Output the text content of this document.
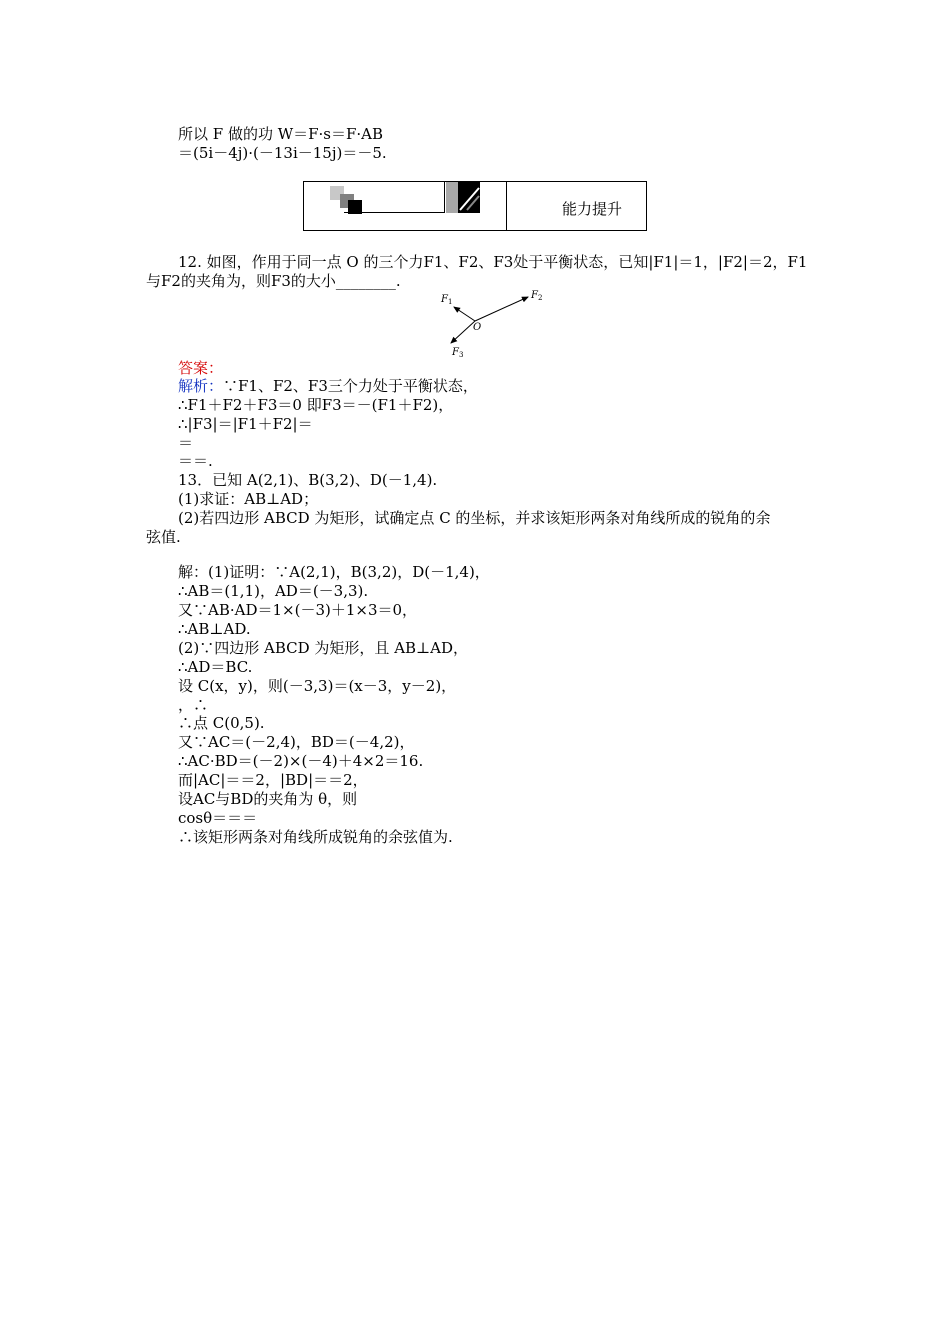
所以 F 做的功 W＝F·s＝F·AB
＝(5i－4j)·(－13i－15j)＝－5.
能力提升
12. 如图，作用于同一点 O 的三个力F1、F2、F3处于平衡状态，已知|F1|＝1，|F2|＝2，F1
与F2的夹角为，则F3的大小________.
F 1
F 2
F 3
O
答案：
解析：∵F1、F2、F3三个力处于平衡状态，
∴F1＋F2＋F3＝0 即F3＝－(F1＋F2)，
∴|F3|＝|F1＋F2|＝
＝
＝＝.
13．已知 A(2,1)、B(3,2)、D(－1,4).
(1)求证：AB⊥AD；
(2)若四边形 ABCD 为矩形，试确定点 C 的坐标，并求该矩形两条对角线所成的锐角的余
弦值.
解：(1)证明：∵A(2,1)，B(3,2)，D(－1,4)，
∴AB＝(1,1)，AD＝(－3,3).
又∵AB·AD＝1×(－3)＋1×3＝0，
∴AB⊥AD.
(2)∵四边形 ABCD 为矩形，且 AB⊥AD，
∴AD＝BC.
设 C(x，y)，则(－3,3)＝(x－3，y－2)，
，∴
∴点 C(0,5).
又∵AC＝(－2,4)，BD＝(－4,2)，
∴AC·BD＝(－2)×(－4)＋4×2＝16.
而|AC|＝＝2，|BD|＝＝2，
设AC与BD的夹角为 θ，则
cosθ＝＝＝
∴该矩形两条对角线所成锐角的余弦值为.
